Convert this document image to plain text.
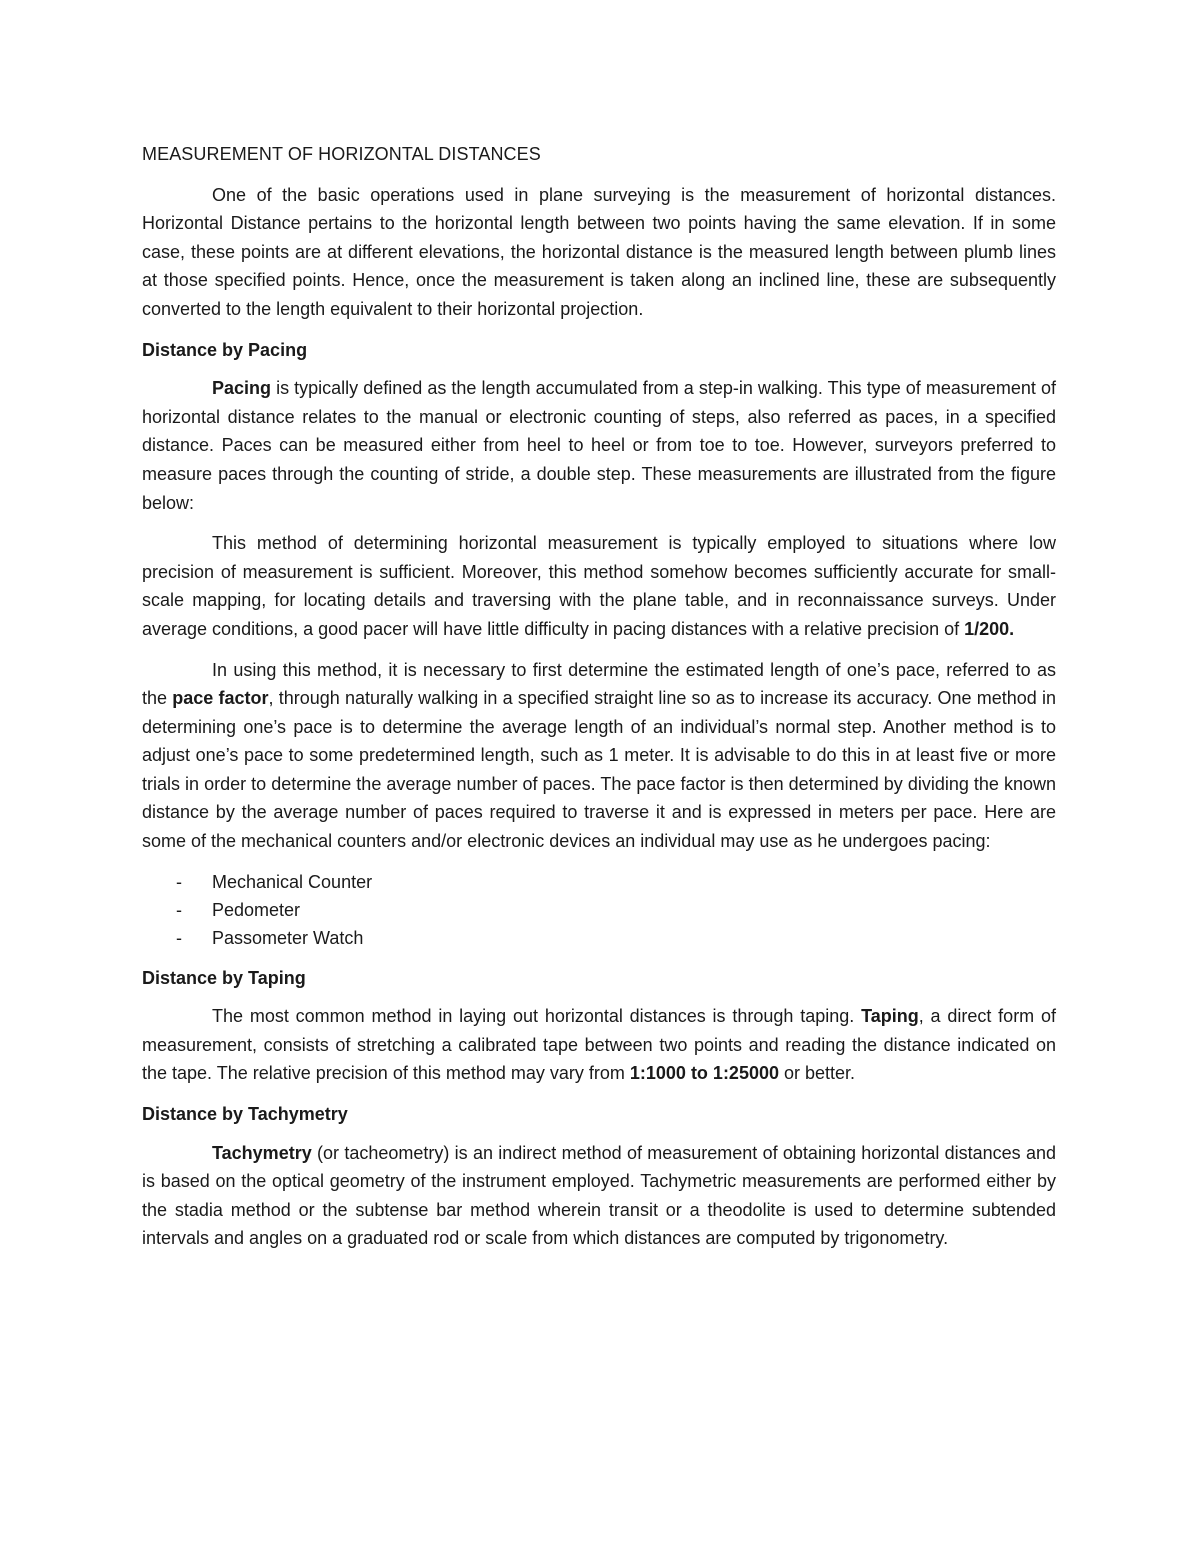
MEASUREMENT OF HORIZONTAL DISTANCES

One of the basic operations used in plane surveying is the measurement of horizontal distances. Horizontal Distance pertains to the horizontal length between two points having the same elevation. If in some case, these points are at different elevations, the horizontal distance is the measured length between plumb lines at those specified points. Hence, once the measurement is taken along an inclined line, these are subsequently converted to the length equivalent to their horizontal projection.

Distance by Pacing

Pacing is typically defined as the length accumulated from a step-in walking. This type of measurement of horizontal distance relates to the manual or electronic counting of steps, also referred as paces, in a specified distance. Paces can be measured either from heel to heel or from toe to toe. However, surveyors preferred to measure paces through the counting of stride, a double step. These measurements are illustrated from the figure below:

This method of determining horizontal measurement is typically employed to situations where low precision of measurement is sufficient. Moreover, this method somehow becomes sufficiently accurate for small-scale mapping, for locating details and traversing with the plane table, and in reconnaissance surveys. Under average conditions, a good pacer will have little difficulty in pacing distances with a relative precision of 1/200.

In using this method, it is necessary to first determine the estimated length of one’s pace, referred to as the pace factor, through naturally walking in a specified straight line so as to increase its accuracy. One method in determining one’s pace is to determine the average length of an individual’s normal step. Another method is to adjust one’s pace to some predetermined length, such as 1 meter. It is advisable to do this in at least five or more trials in order to determine the average number of paces. The pace factor is then determined by dividing the known distance by the average number of paces required to traverse it and is expressed in meters per pace. Here are some of the mechanical counters and/or electronic devices an individual may use as he undergoes pacing:

- Mechanical Counter
- Pedometer
- Passometer Watch
Distance by Taping

The most common method in laying out horizontal distances is through taping. Taping, a direct form of measurement, consists of stretching a calibrated tape between two points and reading the distance indicated on the tape. The relative precision of this method may vary from 1:1000 to 1:25000 or better.

Distance by Tachymetry

Tachymetry (or tacheometry) is an indirect method of measurement of obtaining horizontal distances and is based on the optical geometry of the instrument employed. Tachymetric measurements are performed either by the stadia method or the subtense bar method wherein transit or a theodolite is used to determine subtended intervals and angles on a graduated rod or scale from which distances are computed by trigonometry.
